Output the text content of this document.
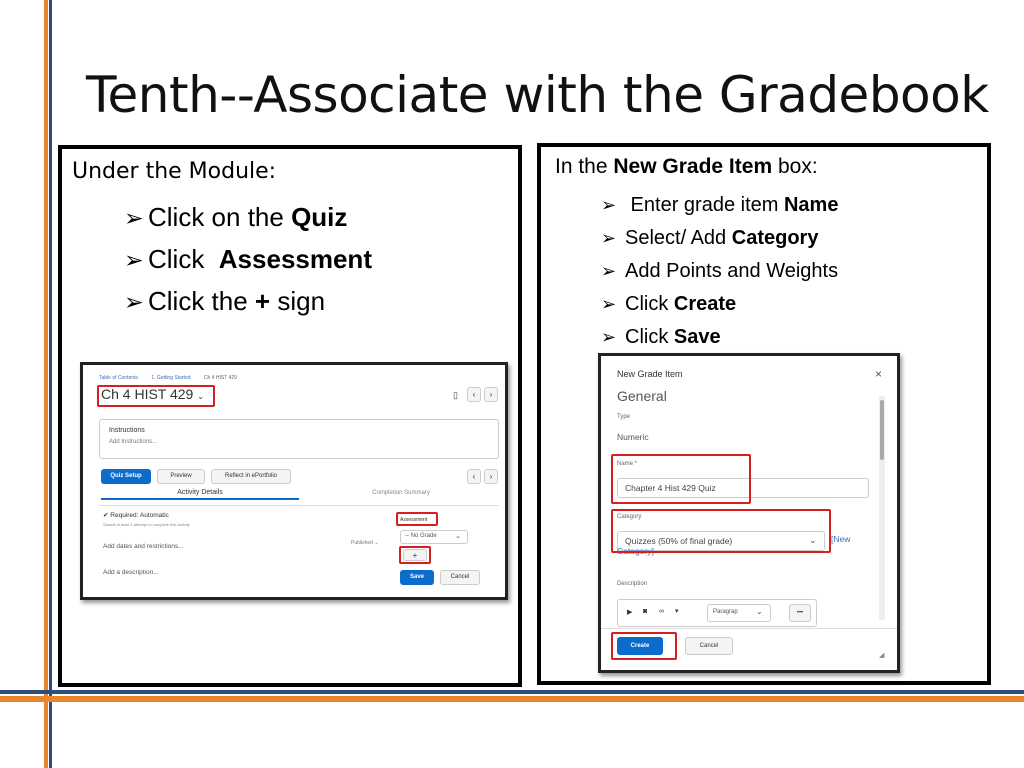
Tenth--Associate with the Gradebook
Under the Module:
➢ Click on the Quiz
➢ Click  Assessment
➢ Click the + sign
In the New Grade Item box:
➢ Enter grade item Name
➢ Select/ Add Category
➢ Add Points and Weights
➢ Click Create
➢ Click Save
Table of Contents	1. Getting Started	Ch 4 HIST 429
Ch 4 HIST 429 ⌄	▯	‹	›
Instructions
Add Instructions...
Quiz Setup	Preview	Reflect in ePortfolio	‹	›
Activity Details	Completion Summary
✔ Required: Automatic
Submit at least 1 attempt to complete this activity
Add dates and restrictions...
Add a description...
Published ⌄
Assessment
-- No Grade	⌄
+
Save	Cancel
New Grade Item	×
General
Type
Numeric
Name *
Chapter 4 Hist 429 Quiz
Category
Quizzes (50% of final grade)	⌄ [New
Category]
Description
▶ ◙ ∞ ▾	Paragrap ⌄	•••
Create	Cancel
◢
